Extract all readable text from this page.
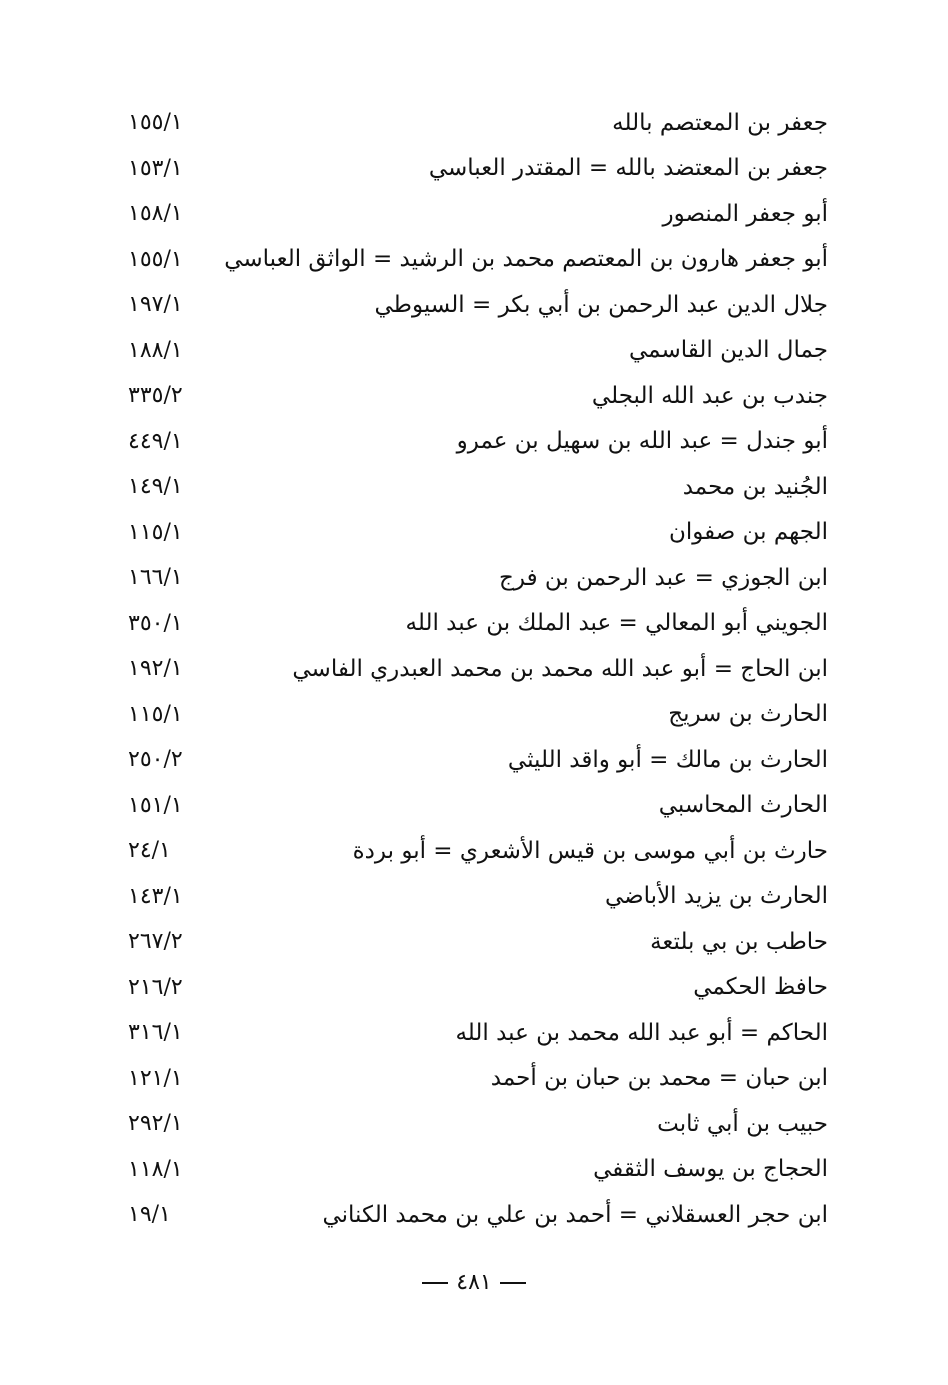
١٥٥/١	جعفر بن المعتصم بالله
١٥٣/١	جعفر بن المعتضد بالله = المقتدر العباسي
١٥٨/١	أبو جعفر المنصور
١٥٥/١	أبو جعفر هارون بن المعتصم محمد بن الرشيد = الواثق العباسي
١٩٧/١	جلال الدين عبد الرحمن بن أبي بكر = السيوطي
١٨٨/١	جمال الدين القاسمي
٣٣٥/٢	جندب بن عبد الله البجلي
٤٤٩/١	أبو جندل = عبد الله بن سهيل بن عمرو
١٤٩/١	الجُنيد بن محمد
١١٥/١	الجهم بن صفوان
١٦٦/١	ابن الجوزي = عبد الرحمن بن فرج
٣٥٠/١	الجويني أبو المعالي = عبد الملك بن عبد الله
١٩٢/١	ابن الحاج = أبو عبد الله محمد بن محمد العبدري الفاسي
١١٥/١	الحارث بن سريج
٢٥٠/٢	الحارث بن مالك = أبو واقد الليثي
١٥١/١	الحارث المحاسبي
٢٤/١	حارث بن أبي موسى بن قيس الأشعري = أبو بردة
١٤٣/١	الحارث بن يزيد الأباضي
٢٦٧/٢	حاطب بن بي بلتعة
٢١٦/٢	حافظ الحكمي
٣١٦/١	الحاكم = أبو عبد الله محمد بن عبد الله
١٢١/١	ابن حبان = محمد بن حبان بن أحمد
٢٩٢/١	حبيب بن أبي ثابت
١١٨/١	الحجاج بن يوسف الثقفي
١٩/١	ابن حجر العسقلاني = أحمد بن علي بن محمد الكناني
٤٨١
